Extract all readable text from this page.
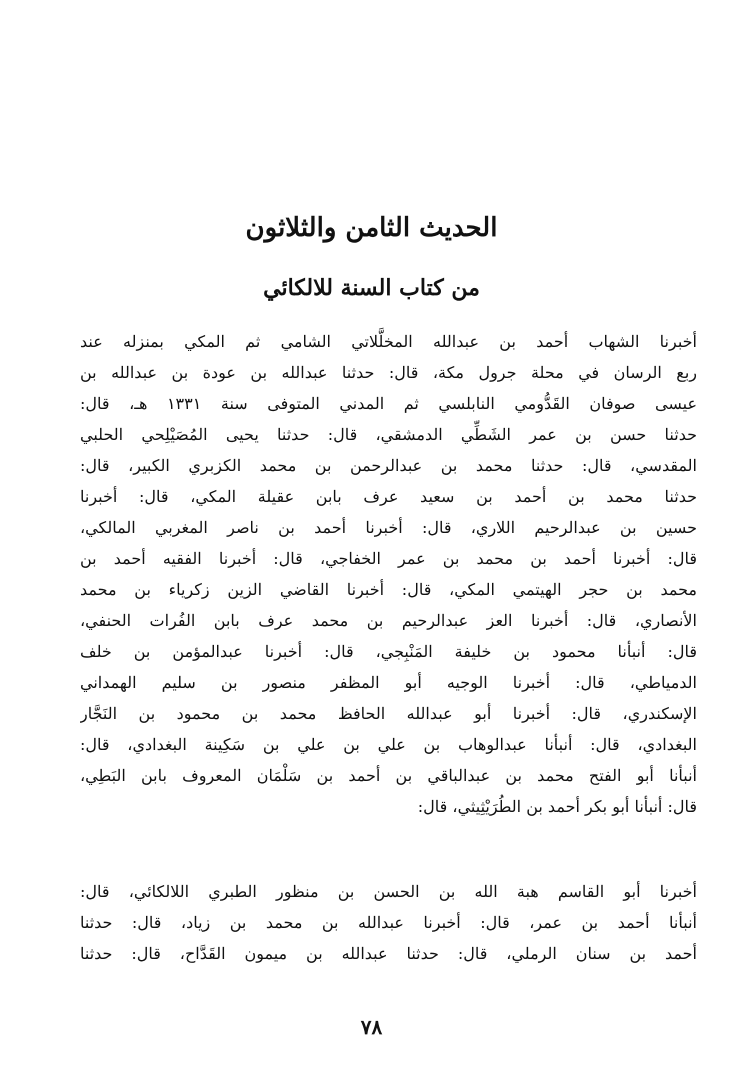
الحديث الثامن والثلاثون
من كتاب السنة للالكائي
أخبرنا الشهاب أحمد بن عبدالله المخلَّلاتي الشامي ثم المكي بمنزله عند
ربع الرسان في محلة جرول مكة، قال: حدثنا عبدالله بن عودة بن عبدالله بن
عيسى صوفان القَدُّومي النابلسي ثم المدني المتوفى سنة ١٣٣١ هـ، قال:
حدثنا حسن بن عمر الشَطِّي الدمشقي، قال: حدثنا يحيى المُصَيْلِحي الحلبي
المقدسي، قال: حدثنا محمد بن عبدالرحمن بن محمد الكزبري الكبير، قال:
حدثنا محمد بن أحمد بن سعيد عرف بابن عقيلة المكي، قال: أخبرنا
حسين بن عبدالرحيم اللاري، قال: أخبرنا أحمد بن ناصر المغربي المالكي،
قال: أخبرنا أحمد بن محمد بن عمر الخفاجي، قال: أخبرنا الفقيه أحمد بن
محمد بن حجر الهيتمي المكي، قال: أخبرنا القاضي الزين زكرياء بن محمد
الأنصاري، قال: أخبرنا العز عبدالرحيم بن محمد عرف بابن الفُرات الحنفي،
قال: أنبأنا محمود بن خليفة المَنْبِجي، قال: أخبرنا عبدالمؤمن بن خلف
الدمياطي، قال: أخبرنا الوجيه أبو المظفر منصور بن سليم الهمداني
الإسكندري، قال: أخبرنا أبو عبدالله الحافظ محمد بن محمود بن النَجَّار
البغدادي، قال: أنبأنا عبدالوهاب بن علي بن علي بن سَكِينة البغدادي، قال:
أنبأنا أبو الفتح محمد بن عبدالباقي بن أحمد بن سَلْمَان المعروف بابن البَطِي،
قال: أنبأنا أبو بكر أحمد بن الطُرَيْثِيثي، قال:
أخبرنا أبو القاسم هبة الله بن الحسن بن منظور الطبري اللالكائي، قال:
أنبأنا أحمد بن عمر، قال: أخبرنا عبدالله بن محمد بن زياد، قال: حدثنا
أحمد بن سنان الرملي، قال: حدثنا عبدالله بن ميمون القَدَّاح، قال: حدثنا
٧٨
